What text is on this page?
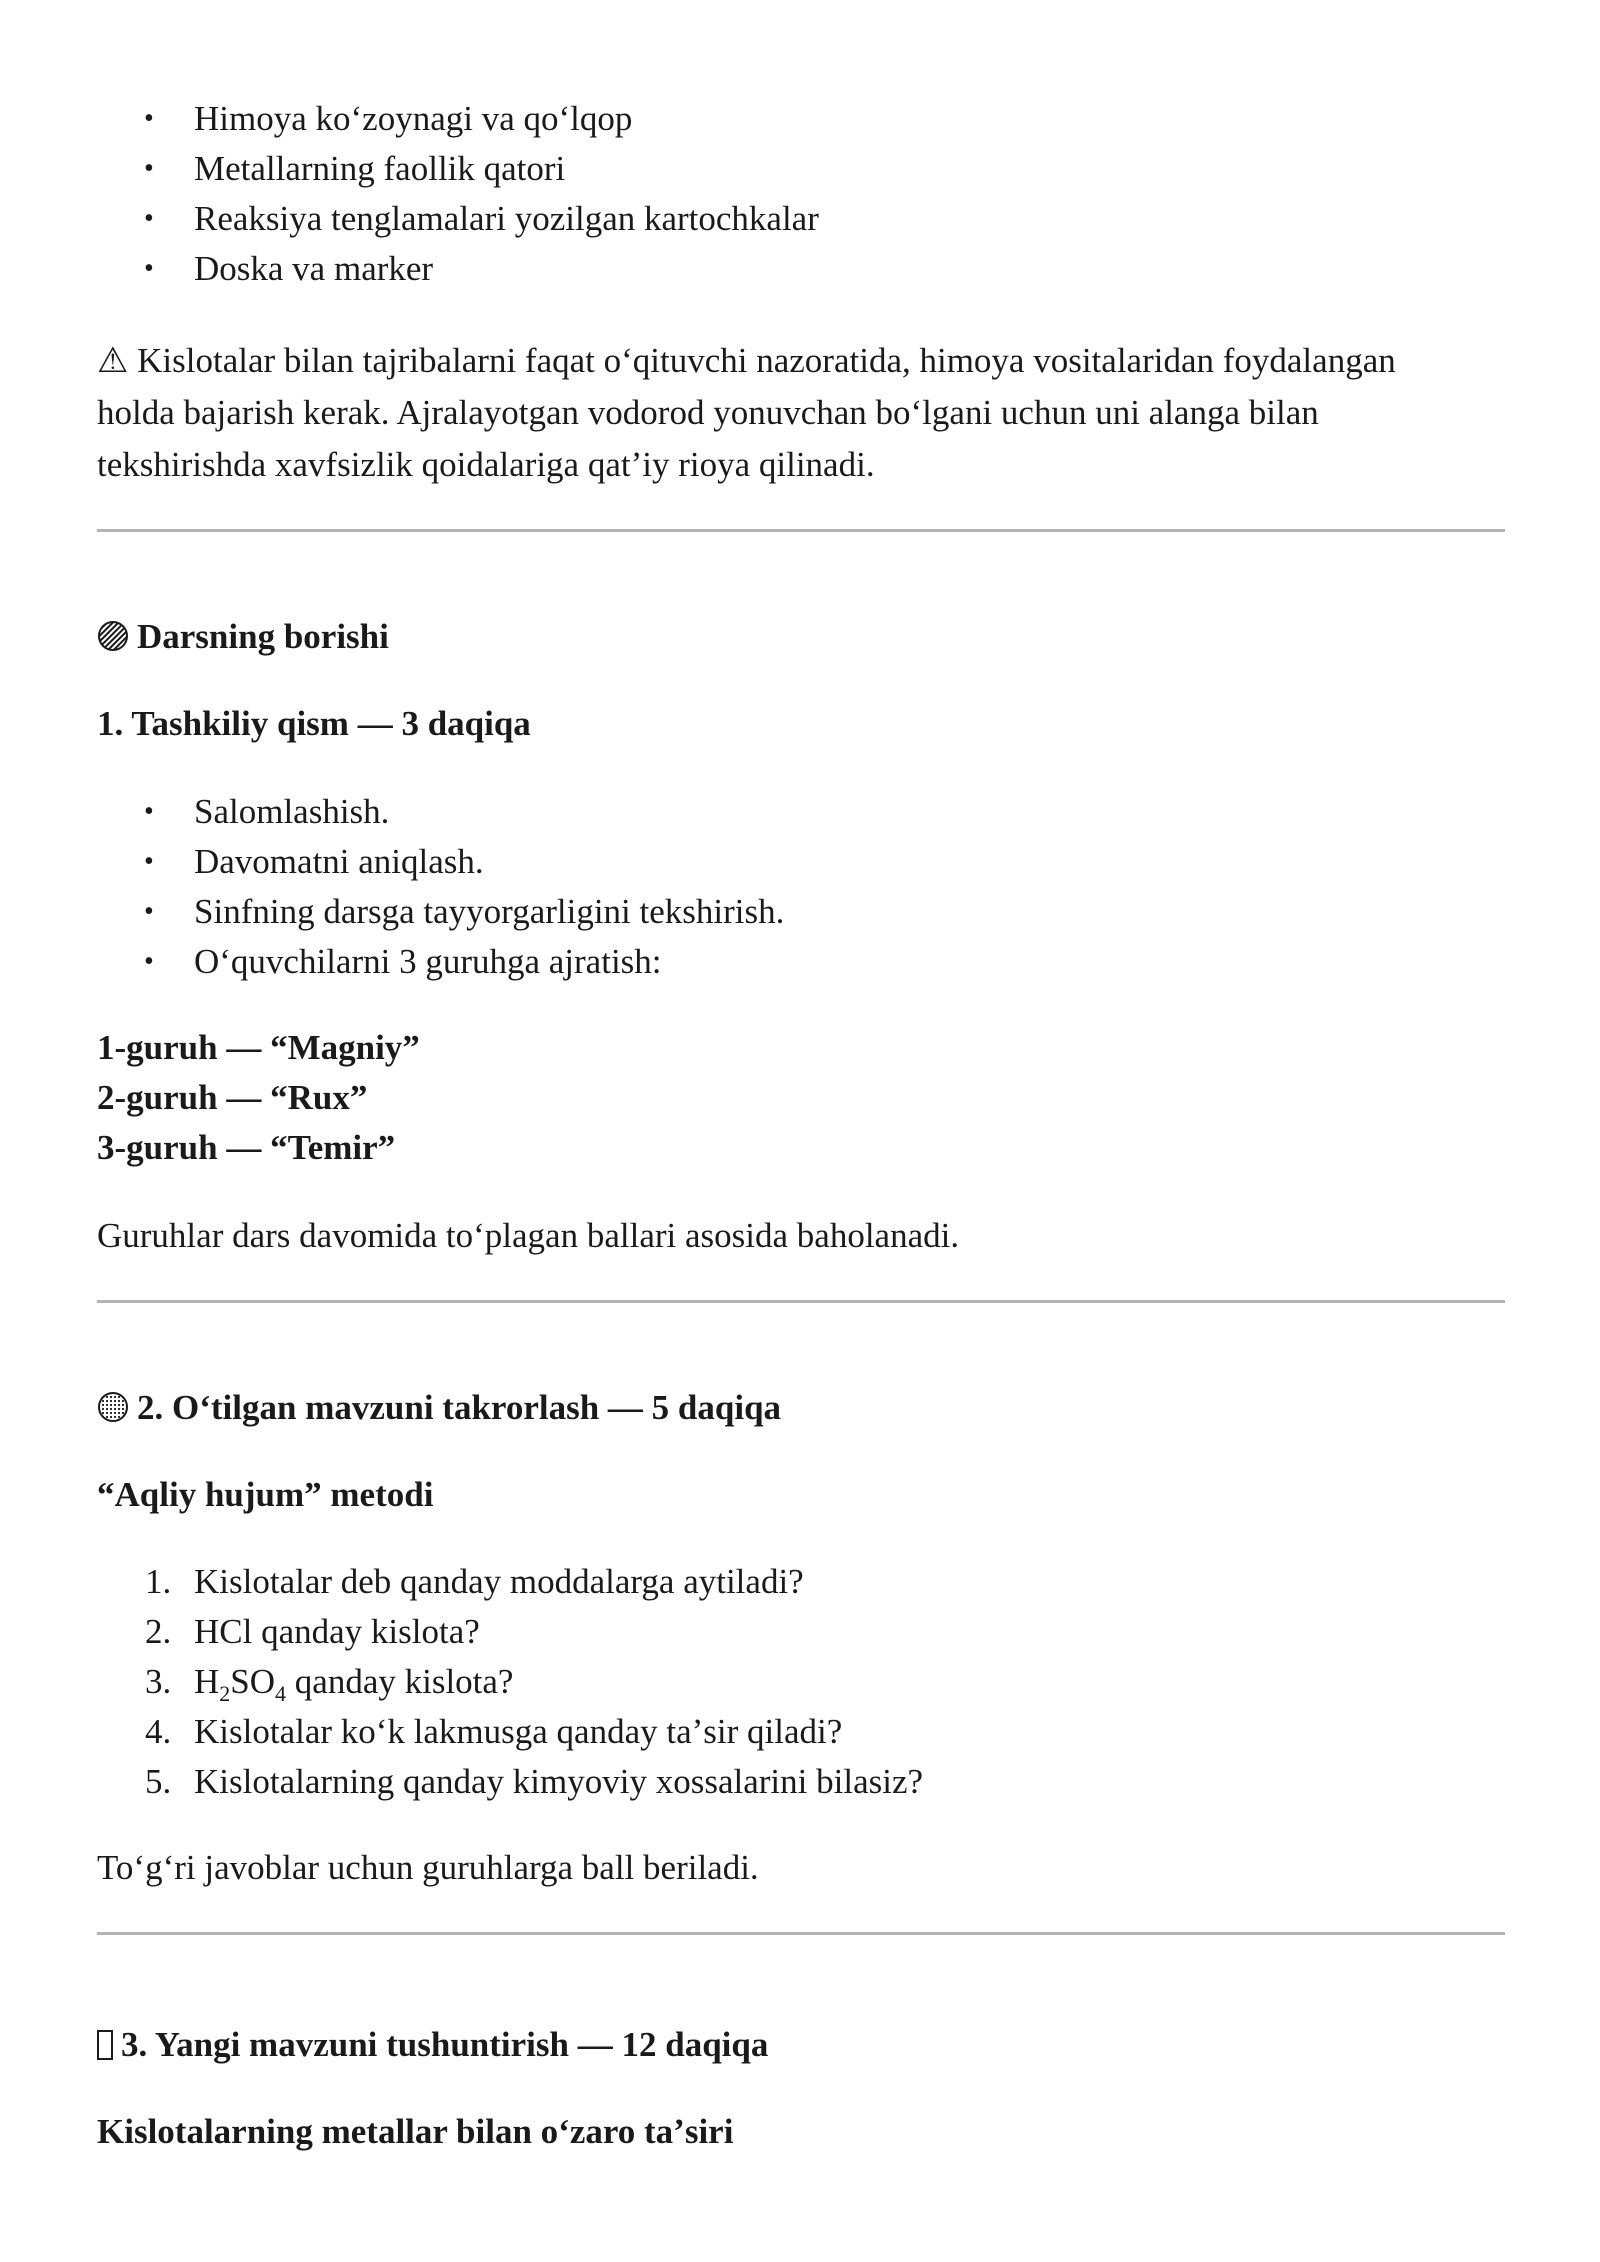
• Himoya koʻzoynagi va qoʻlqop
• Metallarning faollik qatori
• Reaksiya tenglamalari yozilgan kartochkalar
• Doska va marker

⚠ Kislotalar bilan tajribalarni faqat oʻqituvchi nazoratida, himoya vositalaridan foydalangan

holda bajarish kerak. Ajralayotgan vodorod yonuvchan boʻlgani uchun uni alanga bilan

tekshirishda xavfsizlik qoidalariga qatʼiy rioya qilinadi.

Darsning borishi
1. Tashkiliy qism — 3 daqiqa
• Salomlashish.
• Davomatni aniqlash.
• Sinfning darsga tayyorgarligini tekshirish.
• Oʻquvchilarni 3 guruhga ajratish:
1-guruh — “Magniy”
2-guruh — “Rux”
3-guruh — “Temir”

Guruhlar dars davomida toʻplagan ballari asosida baholanadi.

2. Oʻtilgan mavzuni takrorlash — 5 daqiqa
“Aqliy hujum” metodi
1. Kislotalar deb qanday moddalarga aytiladi?
2. HCl qanday kislota?
3. $H_2SO_4$ qanday kislota?
4. Kislotalar koʻk lakmusga qanday taʼsir qiladi?
5. Kislotalarning qanday kimyoviy xossalarini bilasiz?

Toʻgʻri javoblar uchun guruhlarga ball beriladi.

3. Yangi mavzuni tushuntirish — 12 daqiqa
Kislotalarning metallar bilan oʻzaro taʼsiri
